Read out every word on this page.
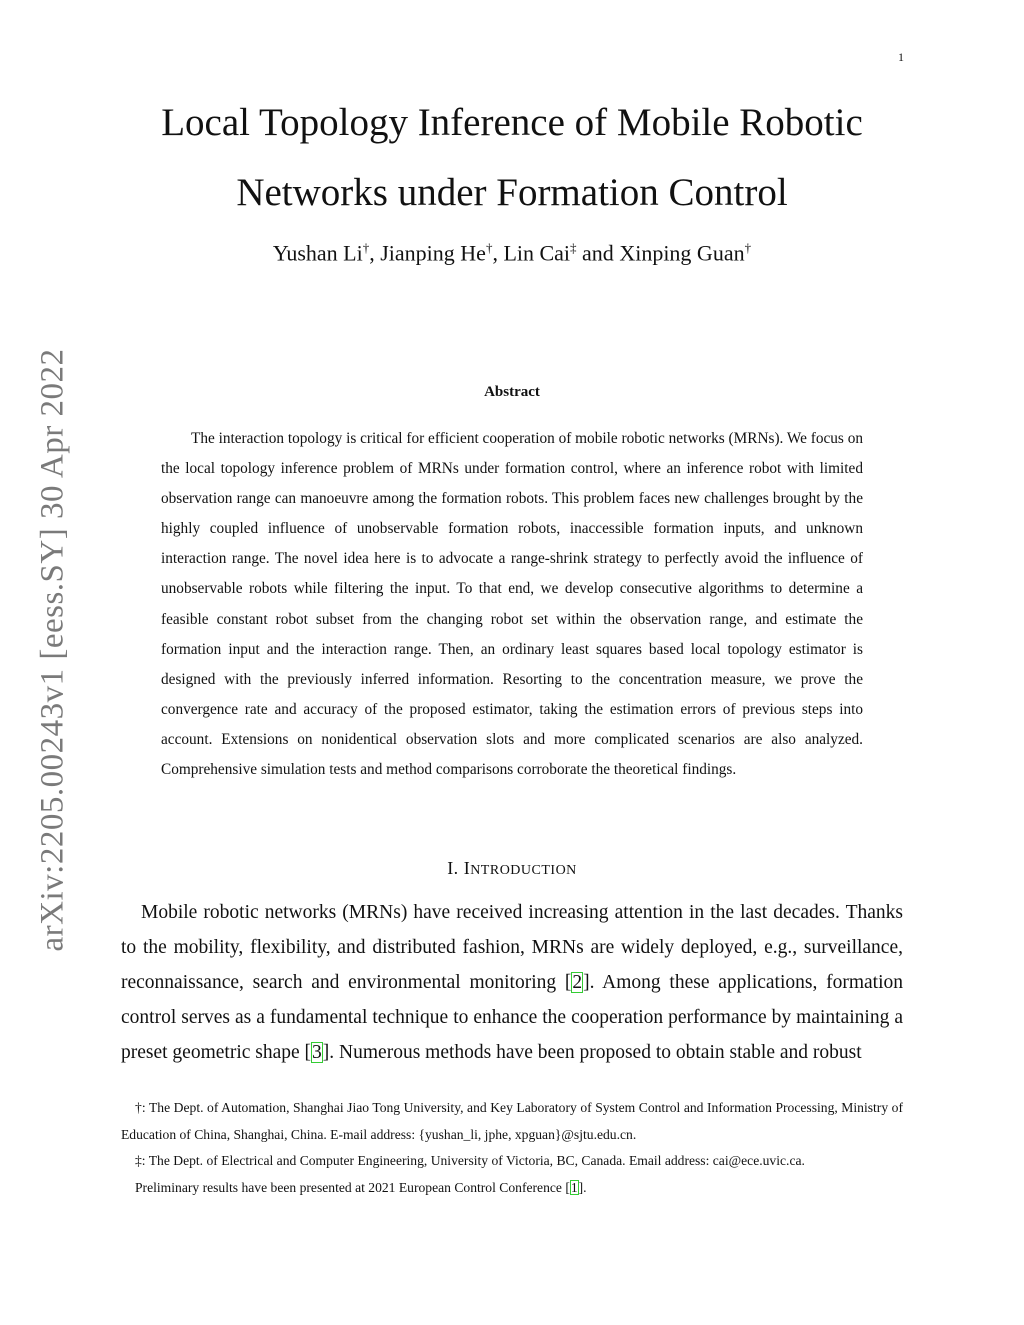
1
arXiv:2205.00243v1 [eess.SY] 30 Apr 2022
Local Topology Inference of Mobile Robotic
Networks under Formation Control
Yushan Li†, Jianping He†, Lin Cai‡ and Xinping Guan†
Abstract

The interaction topology is critical for efficient cooperation of mobile robotic networks (MRNs). We focus on the local topology inference problem of MRNs under formation control, where an inference robot with limited observation range can manoeuvre among the formation robots. This problem faces new challenges brought by the highly coupled influence of unobservable formation robots, inaccessible formation inputs, and unknown interaction range. The novel idea here is to advocate a range-shrink strategy to perfectly avoid the influence of unobservable robots while filtering the input. To that end, we develop consecutive algorithms to determine a feasible constant robot subset from the changing robot set within the observation range, and estimate the formation input and the interaction range. Then, an ordinary least squares based local topology estimator is designed with the previously inferred information. Resorting to the concentration measure, we prove the convergence rate and accuracy of the proposed estimator, taking the estimation errors of previous steps into account. Extensions on nonidentical observation slots and more complicated scenarios are also analyzed. Comprehensive simulation tests and method comparisons corroborate the theoretical findings.

I. INTRODUCTION

Mobile robotic networks (MRNs) have received increasing attention in the last decades. Thanks to the mobility, flexibility, and distributed fashion, MRNs are widely deployed, e.g., surveillance, reconnaissance, search and environmental monitoring [2]. Among these applications, formation control serves as a fundamental technique to enhance the cooperation performance by maintaining a preset geometric shape [3]. Numerous methods have been proposed to obtain stable and robust

†: The Dept. of Automation, Shanghai Jiao Tong University, and Key Laboratory of System Control and Information Processing, Ministry of Education of China, Shanghai, China. E-mail address: {yushan_li, jphe, xpguan}@sjtu.edu.cn.

‡: The Dept. of Electrical and Computer Engineering, University of Victoria, BC, Canada. Email address: cai@ece.uvic.ca.

Preliminary results have been presented at 2021 European Control Conference [1].
